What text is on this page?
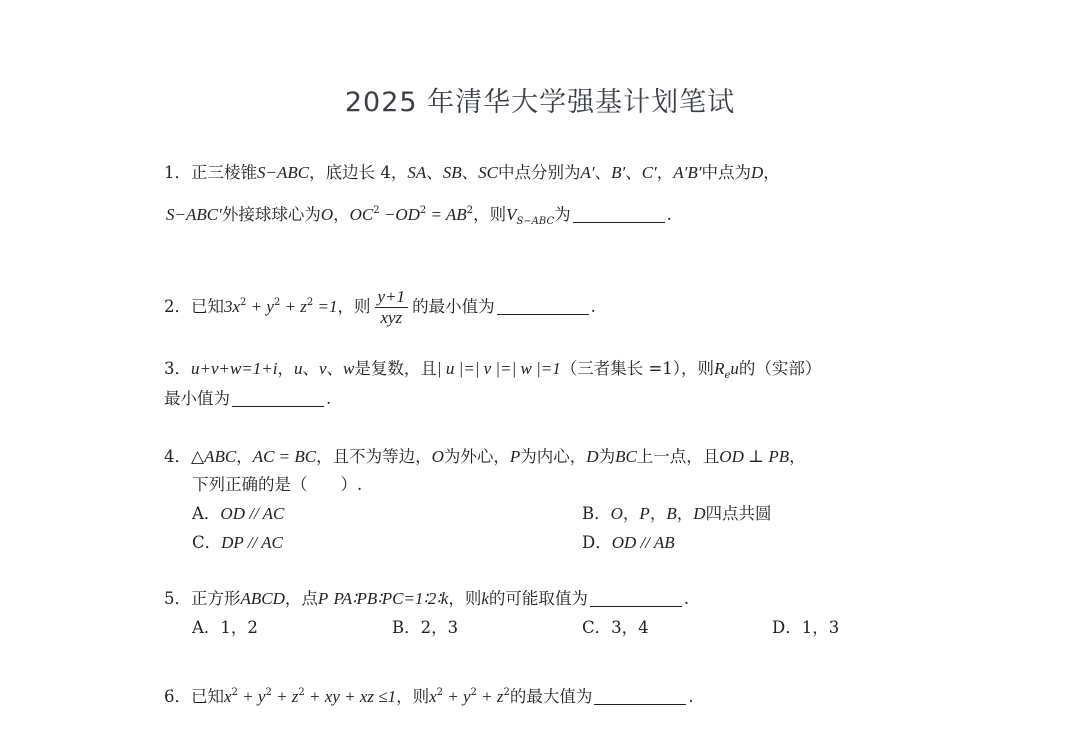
2025 年清华大学强基计划笔试
1．正三棱锥S−ABC，底边长 4，SA、SB、SC中点分别为A′、B′、C′，A′B′中点为D，
S−ABC′外接球球心为O，$OC^2 -OD^2 = AB^2$，则$V_{S-ABC}$为	.
2．已知$3x^2 + y^2 + z^2 =1$，则 $\frac{y+1}{\text{xyz}}$ 的最小值为	.
3．u+v+w=1+i，u、v、w是复数，且| u |=| v |=| w |=1（三者集长 =1），则$R_eu$的（实部）
最小值为	.
4．△ABC，AC = BC，且不为等边，O为外心，P为内心，D为BC上一点，且OD ⊥ PB，
下列正确的是（　　）.
A．OD // AC	B．O，P，B，D四点共圆
C．DP // AC	D．OD // AB
5．正方形ABCD，点P PA∶PB∶PC=1∶2∶k，则k的可能取值为	.
A．1，2	B．2，3	C．3，4	D．1，3
6．已知$x^2 + y^2 + z^2$ + xy + xz ≤1，则$x^2 + y^2 + z^2$的最大值为	.
